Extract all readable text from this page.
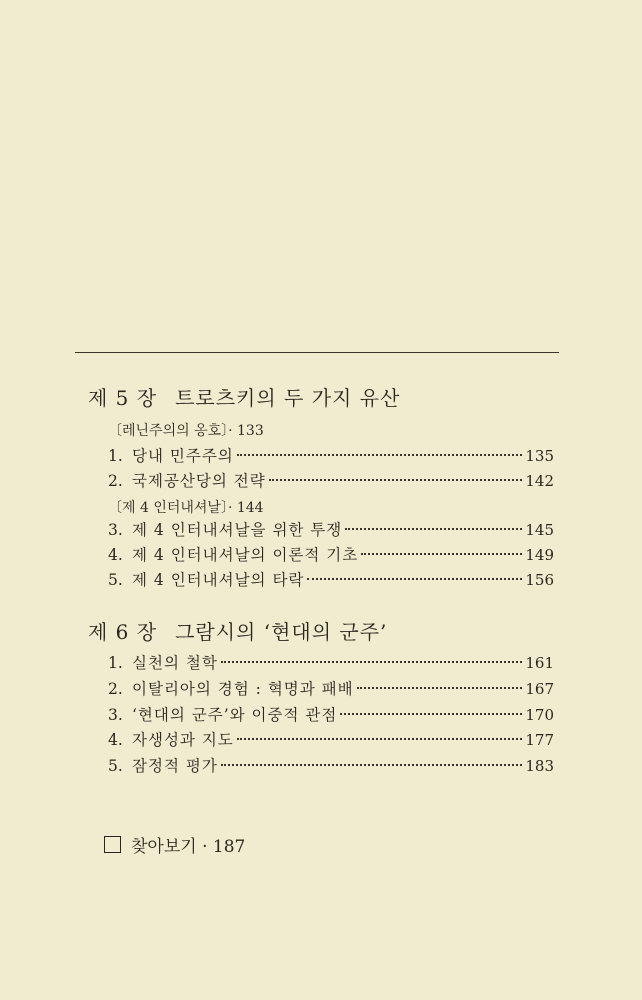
제 5 장 트로츠키의 두 가지 유산
〔레닌주의의 옹호〕· 133
1. 당내 민주주의	135
2. 국제공산당의 전략	142
〔제 4 인터내셔날〕· 144
3. 제 4 인터내셔날을 위한 투쟁	145
4. 제 4 인터내셔날의 이론적 기초	149
5. 제 4 인터내셔날의 타락	156
제 6 장 그람시의 ‘현대의 군주’
1. 실천의 철학	161
2. 이탈리아의 경험 : 혁명과 패배	167
3. ‘현대의 군주’와 이중적 관점	170
4. 자생성과 지도	177
5. 잠정적 평가	183
찾아보기 · 187
